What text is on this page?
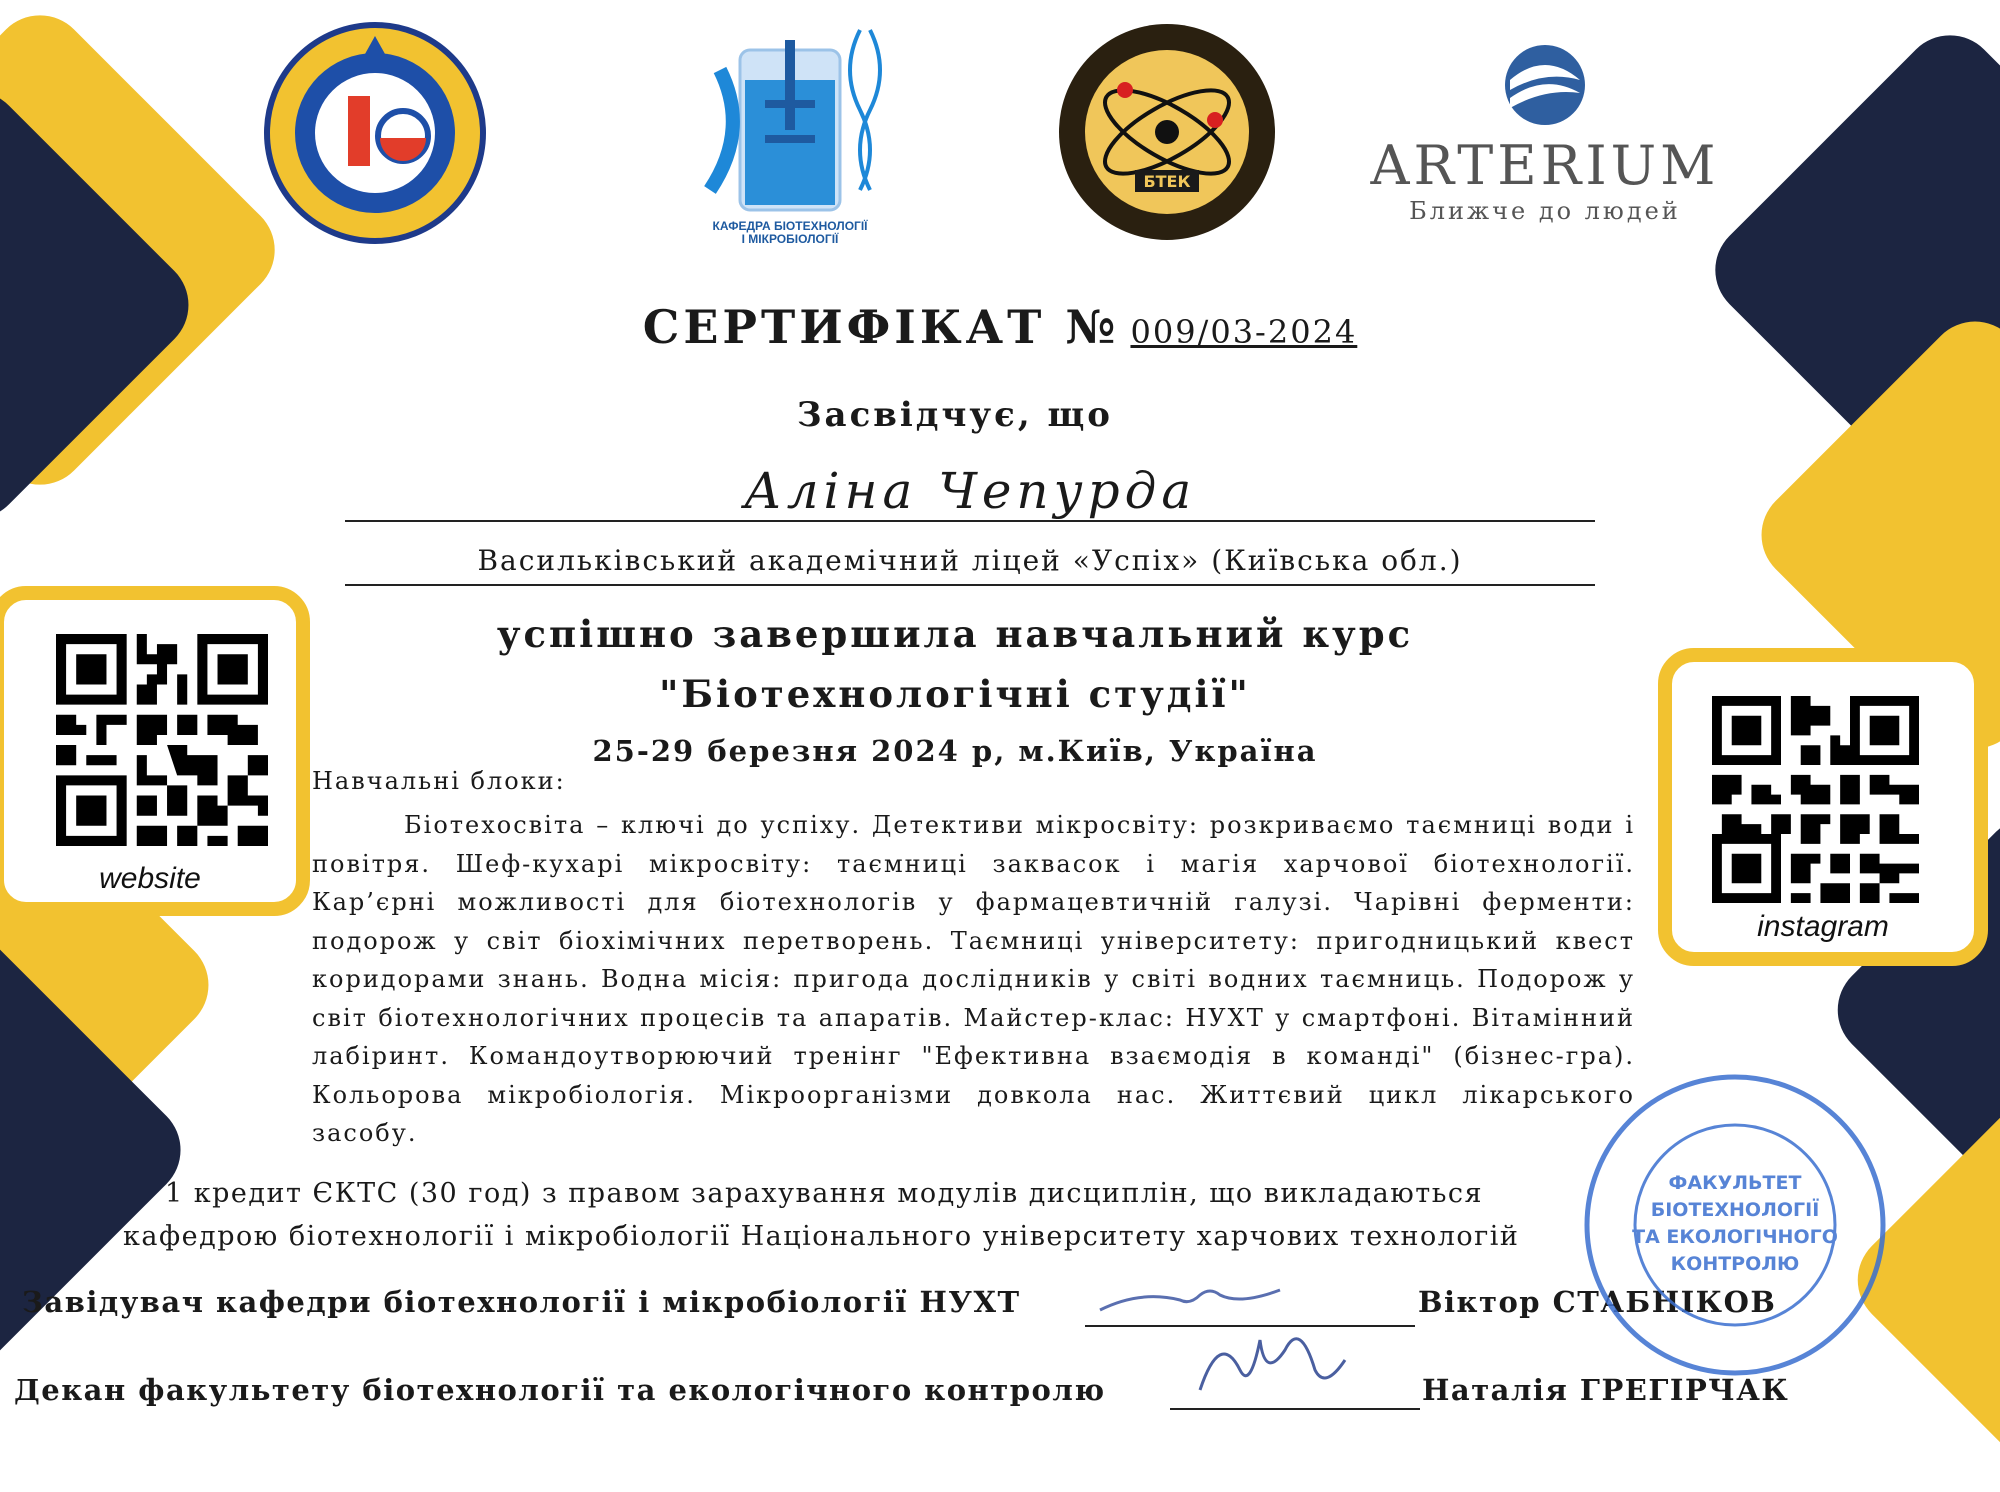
КАФЕДРА БІОТЕХНОЛОГІЇ
І МІКРОБІОЛОГІЇ
БТЕК	ARTERIUM
Ближче до людей
СЕРТИФІКАТ № 009/03-2024
Засвідчує, що
Аліна Чепурда
Васильківський академічний ліцей «Успіх» (Київська обл.)
успішно завершила навчальний курс
"Біотехнологічні студії"
25-29 березня 2024 р, м.Київ, Україна
Навчальні блоки:
Біотехосвіта – ключі до успіху. Детективи мікросвіту: розкриваємо таємниці води і повітря. Шеф-кухарі мікросвіту: таємниці заквасок і магія харчової біотехнології. Кар’єрні можливості для біотехнологів у фармацевтичній галузі. Чарівні ферменти: подорож у світ біохімічних перетворень. Таємниці університету: пригодницький квест коридорами знань. Водна місія: пригода дослідників у світі водних таємниць. Подорож у світ біотехнологічних процесів та апаратів. Майстер-клас: НУХТ у смартфоні. Вітамінний лабіринт. Командоутворюючий тренінг "Ефективна взаємодія в команді" (бізнес-гра). Кольорова мікробіологія. Мікроорганізми довкола нас. Життєвий цикл лікарського засобу.
1 кредит ЄКТС (30 год) з правом зарахування модулів дисциплін, що викладаються
кафедрою біотехнології і мікробіології Національного університету харчових технологій
website
instagram
Завідувач кафедри біотехнології і мікробіології НУХТ	Віктор СТАБНІКОВ
Декан факультету біотехнології та екологічного контролю	Наталія ГРЕГІРЧАК
ФАКУЛЬТЕТ
БІОТЕХНОЛОГІЇ
ТА ЕКОЛОГІЧНОГО
КОНТРОЛЮ
